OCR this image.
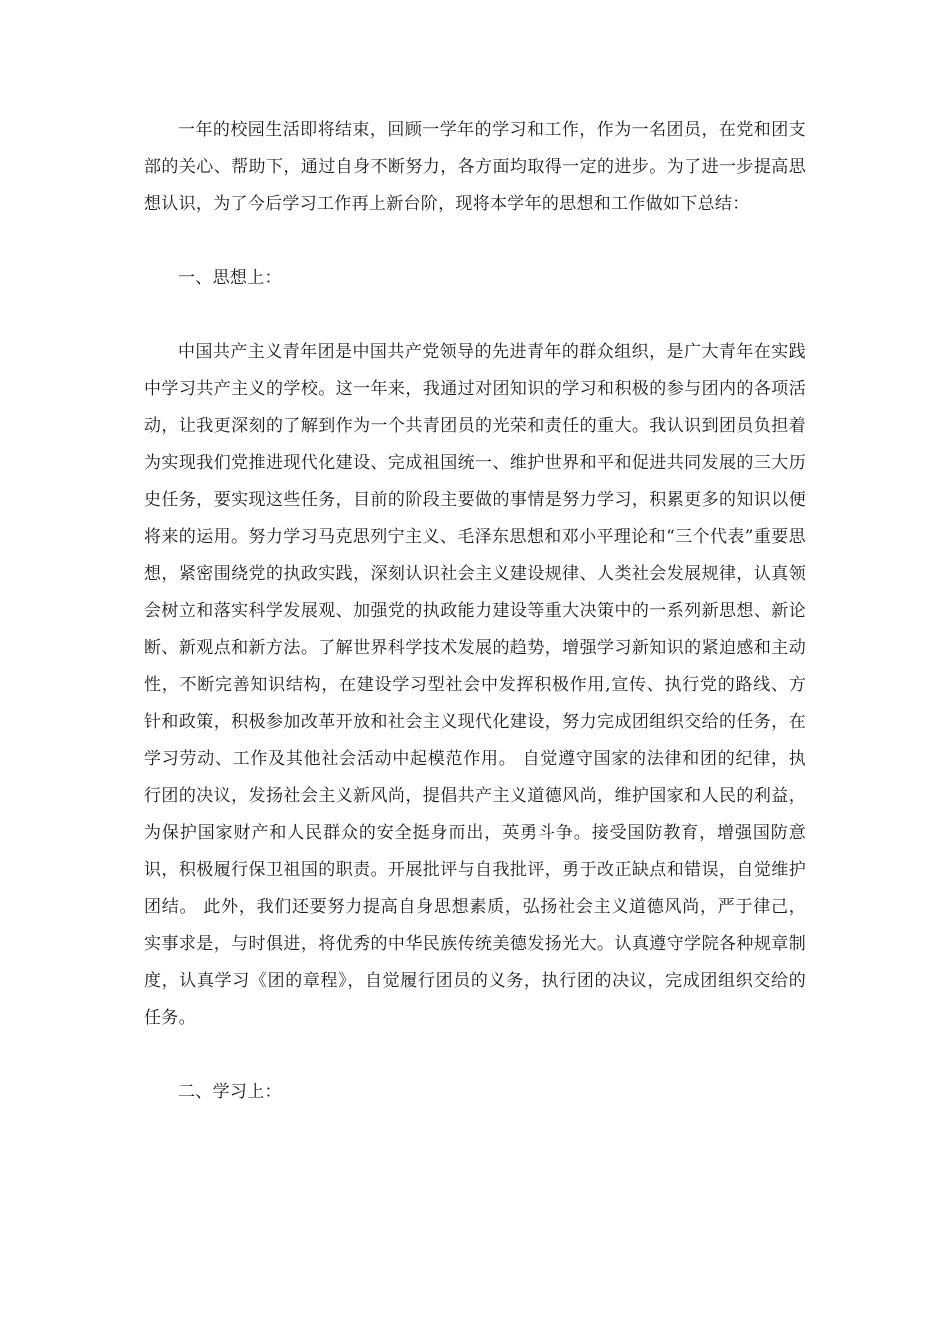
一年的校园生活即将结束，回顾一学年的学习和工作，作为一名团员，在党和团支部的关心、帮助下，通过自身不断努力，各方面均取得一定的进步。为了进一步提高思想认识，为了今后学习工作再上新台阶，现将本学年的思想和工作做如下总结：

一、思想上：

中国共产主义青年团是中国共产党领导的先进青年的群众组织，是广大青年在实践中学习共产主义的学校。这一年来，我通过对团知识的学习和积极的参与团内的各项活动，让我更深刻的了解到作为一个共青团员的光荣和责任的重大。我认识到团员负担着为实现我们党推进现代化建设、完成祖国统一、维护世界和平和促进共同发展的三大历史任务，要实现这些任务，目前的阶段主要做的事情是努力学习，积累更多的知识以便将来的运用。努力学习马克思列宁主义、毛泽东思想和邓小平理论和“三个代表”重要思想，紧密围绕党的执政实践，深刻认识社会主义建设规律、人类社会发展规律，认真领会树立和落实科学发展观、加强党的执政能力建设等重大决策中的一系列新思想、新论断、新观点和新方法。了解世界科学技术发展的趋势，增强学习新知识的紧迫感和主动性，不断完善知识结构，在建设学习型社会中发挥积极作用,宣传、执行党的路线、方针和政策，积极参加改革开放和社会主义现代化建设，努力完成团组织交给的任务，在学习劳动、工作及其他社会活动中起模范作用。 自觉遵守国家的法律和团的纪律，执行团的决议，发扬社会主义新风尚，提倡共产主义道德风尚，维护国家和人民的利益，为保护国家财产和人民群众的安全挺身而出，英勇斗争。接受国防教育，增强国防意识，积极履行保卫祖国的职责。开展批评与自我批评，勇于改正缺点和错误，自觉维护团结。 此外，我们还要努力提高自身思想素质，弘扬社会主义道德风尚，严于律己，实事求是，与时俱进，将优秀的中华民族传统美德发扬光大。认真遵守学院各种规章制度，认真学习《团的章程》，自觉履行团员的义务，执行团的决议，完成团组织交给的任务。

二、学习上：
